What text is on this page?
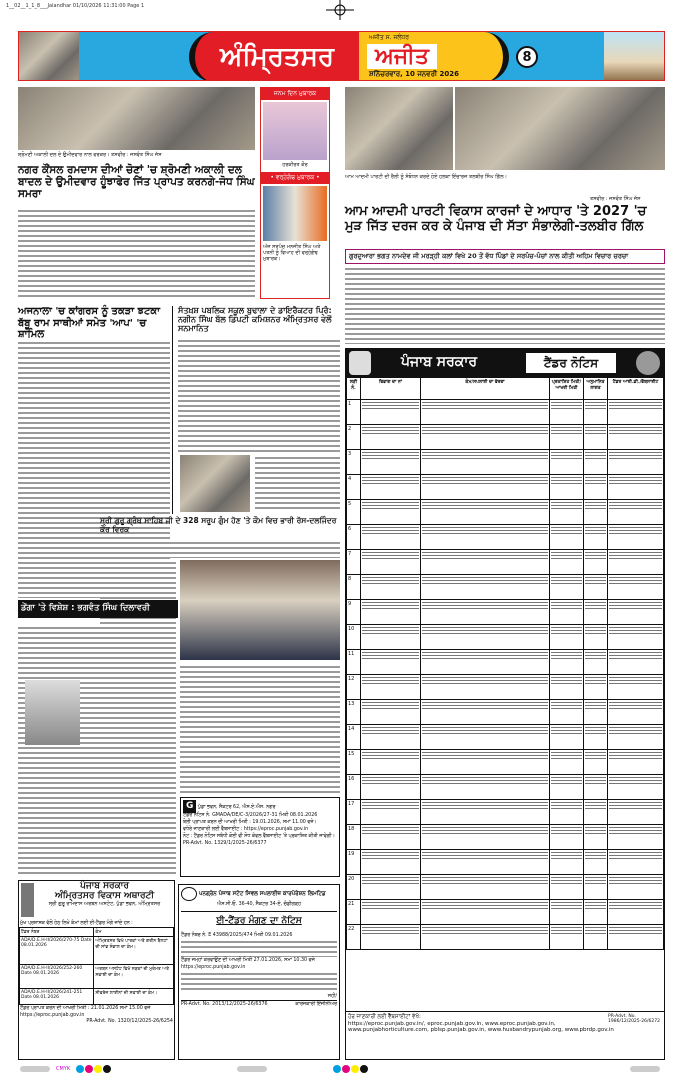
1__02__1_1_8___Jalandhar 01/10/2026 11:31:00 Page 1
ਅੰਮ੍ਰਿਤਸਰ
ਅਜੀਤ ਸ. ਜਲੰਧਰ
ਅਜੀਤ
ਸ਼ਨਿੱਚਰਵਾਰ, 10 ਜਨਵਰੀ 2026
8
ਸ਼੍ਰੋਮਣੀ ਅਕਾਲੀ ਦਲ ਦੇ ਉਮੀਦਵਾਰ ਨਾਲ ਵਰਕਰ। ਤਸਵੀਰ : ਜਸਵੰਤ ਸਿੰਘ ਜੱਸ
ਨਗਰ ਕੌਂਸਲ ਰਮਦਾਸ ਦੀਆਂ ਚੋਣਾਂ 'ਚ ਸ਼੍ਰੋਮਣੀ ਅਕਾਲੀ ਦਲ ਬਾਦਲ ਦੇ ਉਮੀਦਵਾਰ ਹੂੰਝਾਫੇਰ ਜਿੱਤ ਪ੍ਰਾਪਤ ਕਰਨਗੇ-ਜੋਧ ਸਿੰਘ ਸਮਰਾ
ਜਨਮ ਦਿਨ ਮੁਬਾਰਕ
ਹਰਕੀਰਤ ਕੌਰ
• ਵਰ੍ਹੇਗੰਢ ਮੁਬਾਰਕ •
ਅੱਜ ਸਰਪੰਚ ਮਨਜੀਤ ਸਿੰਘ ਅਤੇ ਪਤਨੀ ਨੂੰ ਵਿਆਹ ਦੀ ਵਰ੍ਹੇਗੰਢ ਮੁਬਾਰਕ।
ਆਮ ਆਦਮੀ ਪਾਰਟੀ ਦੀ ਰੈਲੀ ਨੂੰ ਸੰਬੋਧਨ ਕਰਦੇ ਹੋਏ ਹਲਕਾ ਇੰਚਾਰਜ ਤਲਬੀਰ ਸਿੰਘ ਗਿੱਲ।
ਤਸਵੀਰ : ਜਸਵੰਤ ਸਿੰਘ ਜੱਸ
ਆਮ ਆਦਮੀ ਪਾਰਟੀ ਵਿਕਾਸ ਕਾਰਜਾਂ ਦੇ ਆਧਾਰ 'ਤੇ 2027 'ਚ ਮੁੜ ਜਿੱਤ ਦਰਜ ਕਰ ਕੇ ਪੰਜਾਬ ਦੀ ਸੱਤਾ ਸੰਭਾਲੇਗੀ-ਤਲਬੀਰ ਗਿੱਲ
ਗੁਰਦੁਆਰਾ ਭਗਤ ਨਾਮਦੇਵ ਜੀ ਮਰੜ੍ਹੀ ਕਲਾਂ ਵਿਖੇ 20 ਤੋਂ ਵੱਧ ਪਿੰਡਾਂ ਦੇ ਸਰਪੰਚ-ਪੰਚਾਂ ਨਾਲ ਕੀਤੀ ਅਹਿਮ ਵਿਚਾਰ ਚਰਚਾ
ਪੰਜਾਬ ਸਰਕਾਰ	ਟੈਂਡਰ ਨੋਟਿਸ
ਲੜੀ ਨੰ.	ਵਿਭਾਗ ਦਾ ਨਾਂ	ਕੰਮ/ਸਪਲਾਈ ਦਾ ਵੇਰਵਾ	ਪ੍ਰਕਾਸ਼ਿਤ ਮਿਤੀ/ਆਖਰੀ ਮਿਤੀ	ਅਨੁਮਾਨਿਤ ਲਾਗਤ	ਟੈਂਡਰ ਆਈ.ਡੀ./ਵੈੱਬਸਾਈਟ
1	

2	

3	

4	

5	

6	

7	

8	

9	

10	

11	

12	

13	

14	

15	

16	

17	

18	

19	

20	

21	

22	

ਹੋਰ ਜਾਣਕਾਰੀ ਲਈ ਵੈੱਬਸਾਈਟਾਂ ਵੇਖੋ:
https://eproc.punjab.gov.in/, eproc.punjab.gov.in, www.eproc.punjab.gov.in,
www.punjabhorticulture.com, pblsp.punjab.gov.in, www.husbandrypunjab.org, www.pbrdp.gov.in
PR-Advt. No. 1986/12/2025-26/6272
ਅਜਨਾਲਾ 'ਚ ਕਾਂਗਰਸ ਨੂੰ ਤਕੜਾ ਝਟਕਾ ਬੱਬੂ ਰਾਮ ਸਾਥੀਆਂ ਸਮੇਤ 'ਆਪ' 'ਚ ਸ਼ਾਮਿਲ
ਸੰਤਖ਼ਸ਼ ਪਬਲਿਕ ਸਕੂਲ ਬੁਢਾਲਾ ਦੇ ਡਾਇਰੈਕਟਰ ਪ੍ਰਿੰ: ਨਗੀਨ ਸਿੰਘ ਬੱਲ ਡਿਪਟੀ ਕਮਿਸ਼ਨਰ ਅੰਮ੍ਰਿਤਸਰ ਵਲੋਂ ਸਨਮਾਨਿਤ
ਸ੍ਰੀ ਗੁਰੂ ਗ੍ਰੰਥ ਸਾਹਿਬ ਜੀ ਦੇ 328 ਸਰੂਪ ਗੁੰਮ ਹੋਣ 'ਤੇ ਕੌਮ ਵਿਚ ਭਾਰੀ ਰੋਸ-ਦਲਜਿੰਦਰ ਕੌਰ ਵਿਰਕ
ਡੇਂਗਾ 'ਤੇ ਵਿਸ਼ੇਸ਼ : ਭਗਵੰਤ ਸਿੰਘ ਦਿਲਾਵਰੀ
G ਪੁੱਡਾ ਭਵਨ, ਸੈਕਟਰ 62, ਐਸ.ਏ.ਐਸ. ਨਗਰ
ਟੈਂਡਰ ਨੋਟਿਸ ਨੰ. GMADA/DE/C-3/2026/27-31 ਮਿਤੀ 08.01.2026
ਬੋਲੀ ਪ੍ਰਾਪਤ ਕਰਨ ਦੀ ਆਖਰੀ ਮਿਤੀ : 19.01.2026, ਸਮਾਂ 11.00 ਵਜੇ।
ਵਧੇਰੇ ਜਾਣਕਾਰੀ ਲਈ ਵੈੱਬਸਾਈਟ : https://eproc.punjab.gov.in
ਨੋਟ : ਟੈਂਡਰ ਨੋਟਿਸ ਸਬੰਧੀ ਕੋਈ ਵੀ ਸੋਧ ਕੇਵਲ ਵੈੱਬਸਾਈਟ 'ਤੇ ਪ੍ਰਕਾਸ਼ਿਤ ਕੀਤੀ ਜਾਵੇਗੀ।
PR-Advt. No. 1329/1/2025-26/6377
ਪੰਜਾਬ ਸਰਕਾਰ
ਅੰਮ੍ਰਿਤਸਰ ਵਿਕਾਸ ਅਥਾਰਟੀ
ਸ੍ਰੀ ਗੁਰੂ ਰਾਮਦਾਸ ਅਰਬਨ ਅਸਟੇਟ, ਪੁੱਡਾ ਭਵਨ, ਅੰਮ੍ਰਿਤਸਰ
ਮੁੱਖ ਪ੍ਰਸ਼ਾਸਕ ਵੱਲੋਂ ਹੇਠ ਲਿਖੇ ਕੰਮਾਂ ਲਈ ਈ-ਟੈਂਡਰ ਮੰਗੇ ਜਾਂਦੇ ਹਨ :
ਟੈਂਡਰ ਨੰਬਰ	ਕੰਮ
ADA/D.E.H-II/2026/270-75 Date 08.01.2026	ਅੰਮ੍ਰਿਤਸਰ ਵਿਖੇ ਪਾਰਕਾਂ ਅਤੇ ਗਰੀਨ ਬੈਲਟਾਂ ਦੀ ਸਾਂਭ ਸੰਭਾਲ ਦਾ ਕੰਮ।
ADA/D.E.H-II/2026/252-260 Date 08.01.2026	ਅਰਬਨ ਅਸਟੇਟ ਵਿਖੇ ਸੜਕਾਂ ਦੀ ਮੁਰੰਮਤ ਅਤੇ ਸਫਾਈ ਦਾ ਕੰਮ।
ADA/D.E.H-II/2026/241-251 Date 08.01.2026	ਸੀਵਰੇਜ ਲਾਈਨਾਂ ਦੀ ਸਫਾਈ ਦਾ ਕੰਮ।
ਟੈਂਡਰ ਪ੍ਰਾਪਤ ਕਰਨ ਦੀ ਆਖਰੀ ਮਿਤੀ : 21.01.2026 ਸਮਾਂ 15.00 ਵਜੇ
https://eproc.punjab.gov.in
PR-Advt. No. 1320/12/2025-26/6254
ਪਨਗ੍ਰੇਨ ਪੰਜਾਬ ਸਟੇਟ ਸਿਵਲ ਸਪਲਾਈਜ਼ ਕਾਰਪੋਰੇਸ਼ਨ ਲਿਮਟਿਡ
ਐਸ.ਸੀ.ਓ. 36-40, ਸੈਕਟਰ 34-ਏ, ਚੰਡੀਗੜ੍ਹ
ਈ-ਟੈਂਡਰ ਮੰਗਣ ਦਾ ਨੋਟਿਸ
ਟੈਂਡਰ ਨੰਬਰ ਨੰ. E 43988/2025/474 ਮਿਤੀ 09.01.2026
ਟੈਂਡਰ ਜਮ੍ਹਾਂ ਕਰਵਾਉਣ ਦੀ ਆਖਰੀ ਮਿਤੀ 27.01.2026, ਸਮਾਂ 10.30 ਵਜੇ
https://eproc.punjab.gov.in
ਸਹੀ/
PR-Advt. No. 2013/12/2025-26/6376	ਕਾਰਜਕਾਰੀ ਇੰਜੀਨੀਅਰ
CMYK
